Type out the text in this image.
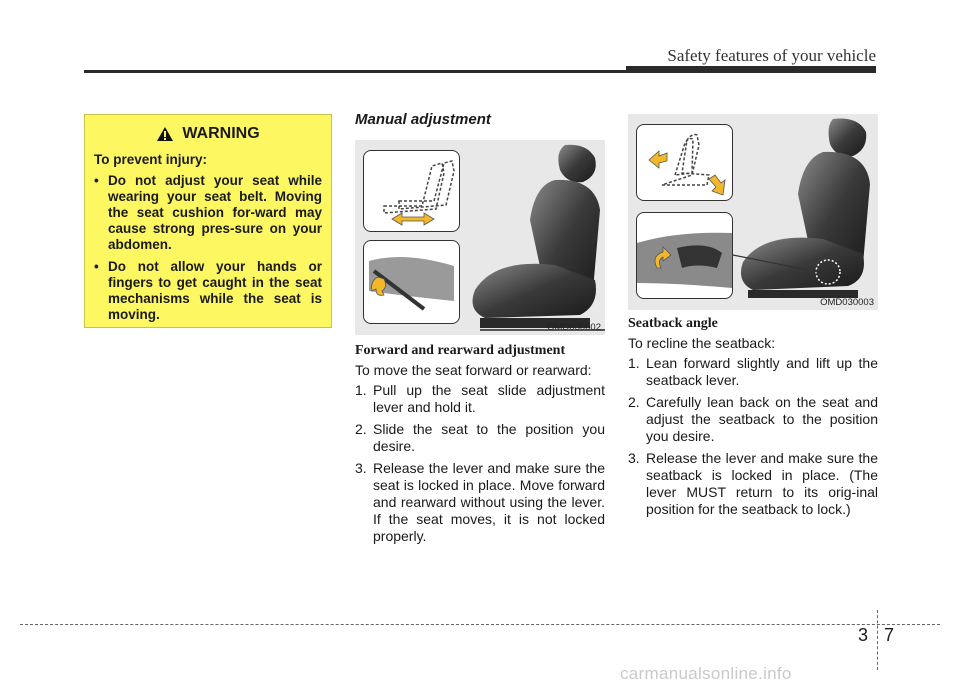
Safety features of your vehicle
WARNING
To prevent injury:
• Do not adjust your seat while wearing your seat belt. Moving the seat cushion for-ward may cause strong pres-sure on your abdomen.
• Do not allow your hands or fingers to get caught in the seat mechanisms while the seat is moving.
Manual adjustment
OMD030002
Forward and rearward adjustment
To move the seat forward or rearward:
1. Pull up the seat slide adjustment lever and hold it.
2. Slide the seat to the position you desire.
3. Release the lever and make sure the seat is locked in place. Move forward and rearward without using the lever. If the seat moves, it is not locked properly.
OMD030003
Seatback angle
To recline the seatback:
1. Lean forward slightly and lift up the seatback lever.
2. Carefully lean back on the seat and adjust the seatback to the position you desire.
3. Release the lever and make sure the seatback is locked in place. (The lever MUST return to its orig-inal position for the seatback to lock.)
3 7
carmanualsonline.info
